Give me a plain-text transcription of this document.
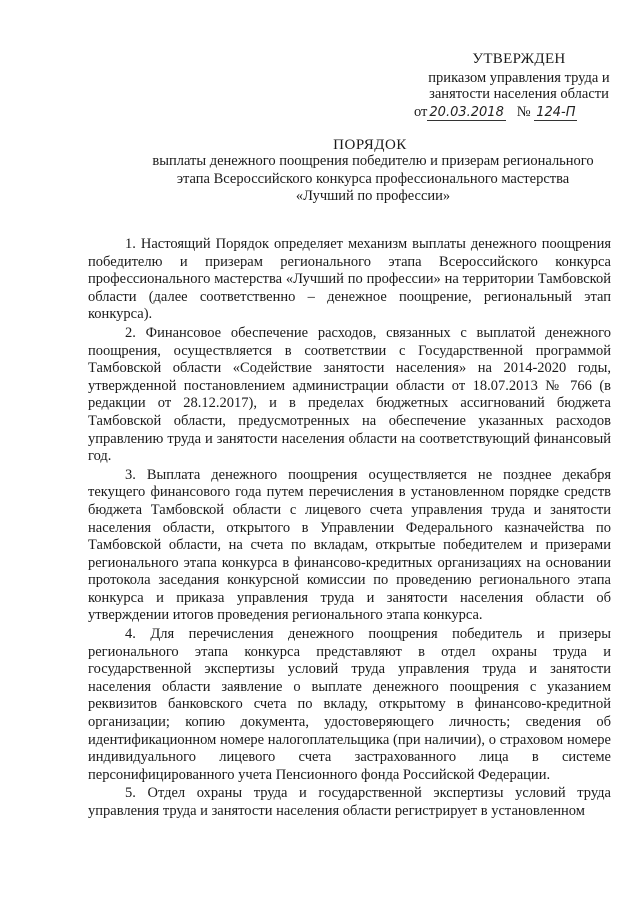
УТВЕРЖДЕН
приказом управления труда и
занятости населения области
от 20.03.2018 № 124-П
ПОРЯДОК
выплаты денежного поощрения победителю и призерам регионального
этапа Всероссийского конкурса профессионального мастерства
«Лучший по профессии»

1. Настоящий Порядок определяет механизм выплаты денежного поощрения победителю и призерам регионального этапа Всероссийского конкурса профессионального мастерства «Лучший по профессии» на территории Тамбовской области (далее соответственно – денежное поощрение, региональный этап конкурса).

2. Финансовое обеспечение расходов, связанных с выплатой денежного поощрения, осуществляется в соответствии с Государственной программой Тамбовской области «Содействие занятости населения» на 2014-2020 годы, утвержденной постановлением администрации области от 18.07.2013 № 766 (в редакции от 28.12.2017), и в пределах бюджетных ассигнований бюджета Тамбовской области, предусмотренных на обеспечение указанных расходов управлению труда и занятости населения области на соответствующий финансовый год.

3. Выплата денежного поощрения осуществляется не позднее декабря текущего финансового года путем перечисления в установленном порядке средств бюджета Тамбовской области с лицевого счета управления труда и занятости населения области, открытого в Управлении Федерального казначейства по Тамбовской области, на счета по вкладам, открытые победителем и призерами регионального этапа конкурса в финансово-кредитных организациях на основании протокола заседания конкурсной комиссии по проведению регионального этапа конкурса и приказа управления труда и занятости населения области об утверждении итогов проведения регионального этапа конкурса.

4. Для перечисления денежного поощрения победитель и призеры регионального этапа конкурса представляют в отдел охраны труда и государственной экспертизы условий труда управления труда и занятости населения области заявление о выплате денежного поощрения с указанием реквизитов банковского счета по вкладу, открытому в финансово-кредитной организации; копию документа, удостоверяющего личность; сведения об идентификационном номере налогоплательщика (при наличии), о страховом номере индивидуального лицевого счета застрахованного лица в системе персонифицированного учета Пенсионного фонда Российской Федерации.

5. Отдел охраны труда и государственной экспертизы условий труда управления труда и занятости населения области регистрирует в установленном
